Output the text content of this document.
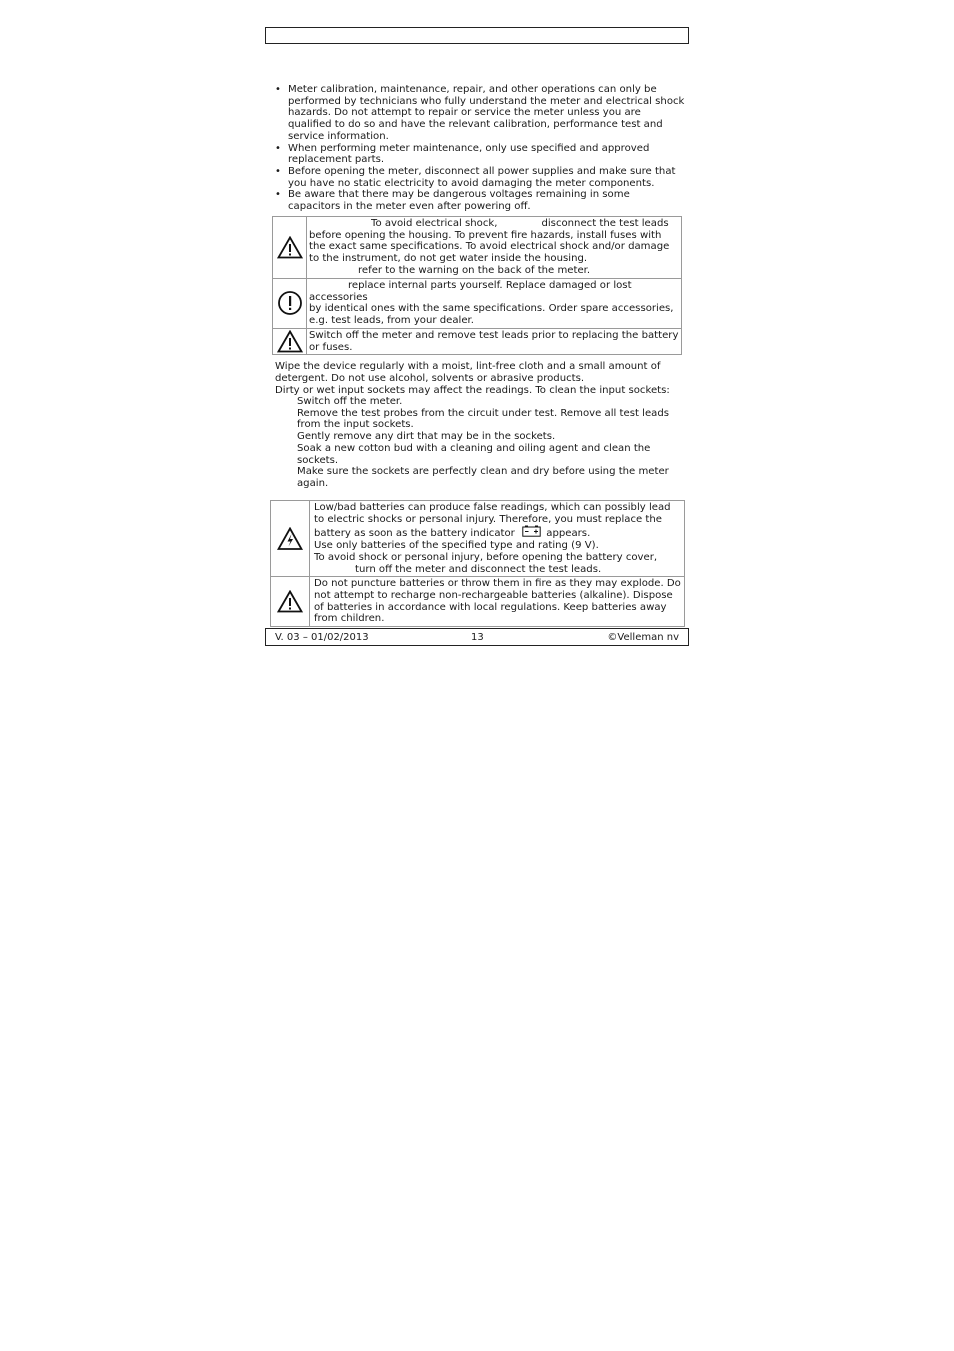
• Meter calibration, maintenance, repair, and other operations can only be performed by technicians who fully understand the meter and electrical shock hazards. Do not attempt to repair or service the meter unless you are qualified to do so and have the relevant calibration, performance test and service information.
• When performing meter maintenance, only use specified and approved replacement parts.
• Before opening the meter, disconnect all power supplies and make sure that you have no static electricity to avoid damaging the meter components.
• Be aware that there may be dangerous voltages remaining in some capacitors in the meter even after powering off.

To avoid electrical shock, disconnect the test leads
before opening the housing. To prevent fire hazards, install fuses with the exact same specifications. To avoid electrical shock and/or damage to the instrument, do not get water inside the housing.
refer to the warning on the back of the meter.

replace internal parts yourself. Replace damaged or lost accessories
by identical ones with the same specifications. Order spare accessories, e.g. test leads, from your dealer.

	Switch off the meter and remove test leads prior to replacing the battery or fuses.

Wipe the device regularly with a moist, lint-free cloth and a small amount of detergent. Do not use alcohol, solvents or abrasive products.

Dirty or wet input sockets may affect the readings. To clean the input sockets:

Switch off the meter.
Remove the test probes from the circuit under test. Remove all test leads from the input sockets.
Gently remove any dirt that may be in the sockets.
Soak a new cotton bud with a cleaning and oiling agent and clean the sockets.
Make sure the sockets are perfectly clean and dry before using the meter again.

Low/bad batteries can produce false readings, which can possibly lead to electric shocks or personal injury. Therefore, you must replace the battery as soon as the battery indicator appears.
Use only batteries of the specified type and rating (9 V).
To avoid shock or personal injury, before opening the battery cover,
turn off the meter and disconnect the test leads.

	Do not puncture batteries or throw them in fire as they may explode. Do not attempt to recharge non-rechargeable batteries (alkaline). Dispose of batteries in accordance with local regulations. Keep batteries away from children.
V. 03 – 01/02/2013	13	©Velleman nv
